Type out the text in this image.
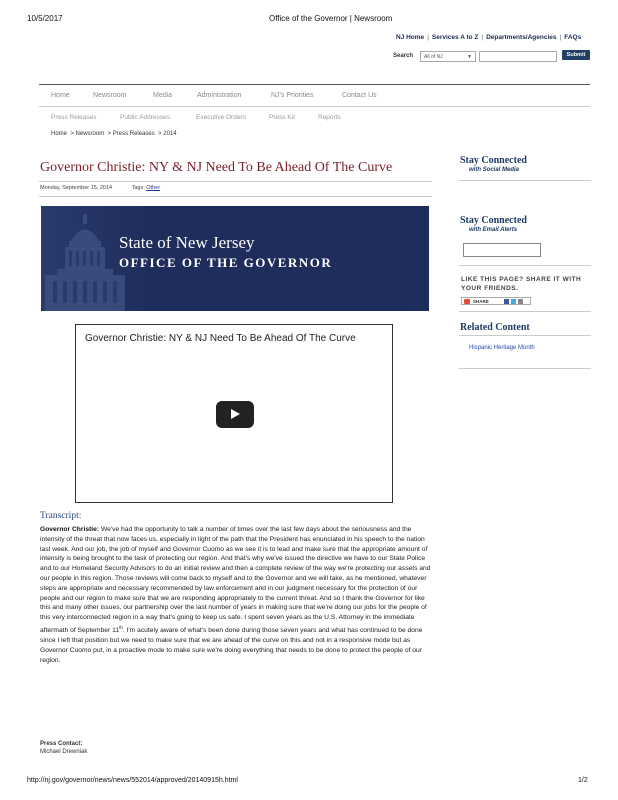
10/5/2017	Office of the Governor | Newsroom
NJ Home | Services A to Z | Departments/Agencies | FAQs
Search	All of NJ	▼	Submit
Home	Newsroom	Media	Administration	NJ's Priorities	Contact Us
Press Releases	Public Addresses	Executive Orders	Press Kit	Reports
Home  > Newsroom  > Press Releases  > 2014
Governor Christie: NY & NJ Need To Be Ahead Of The Curve
Monday, September 15, 2014	Tags: Other
State of New Jersey
OFFICE OF THE GOVERNOR
Governor Christie: NY & NJ Need To Be Ahead Of The Curve
Transcript:
Governor Christie: We've had the opportunity to talk a number of times over the last few days about the seriousness and the intensity of the threat that now faces us, especially in light of the path that the President has enunciated in his speech to the nation last week. And our job, the job of myself and Governor Cuomo as we see it is to lead and make sure that the appropriate amount of intensity is being brought to the task of protecting our region. And that's why we've issued the directive we have to our State Police and to our Homeland Security Advisors to do an initial review and then a complete review of the way we're protecting our assets and our people in this region. Those reviews will come back to myself and to the Governor and we will take, as he mentioned, whatever steps are appropriate and necessary recommended by law enforcement and in our judgment necessary for the protection of our people and our region to make sure that we are responding appropriately to the current threat. And so I thank the Governor for like this and many other issues, our partnership over the last number of years in making sure that we're doing our jobs for the people of this very interconnected region in a way that's going to keep us safe. I spent seven years as the U.S. Attorney in the immediate aftermath of September 11th. I'm acutely aware of what's been done during those seven years and what has continued to be done since I left that position but we need to make sure that we are ahead of the curve on this and not in a responsive mode but as Governor Cuomo put, in a proactive mode to make sure we're doing everything that needs to be done to protect the people of our region.
Press Contact:
Michael Drewniak
Stay Connected
with Social Media
Stay Connected
with Email Alerts
LIKE THIS PAGE? SHARE IT WITH YOUR FRIENDS.
SHARE
Related Content
Hispanic Heritage Month
http://nj.gov/governor/news/news/552014/approved/20140915h.html	1/2
